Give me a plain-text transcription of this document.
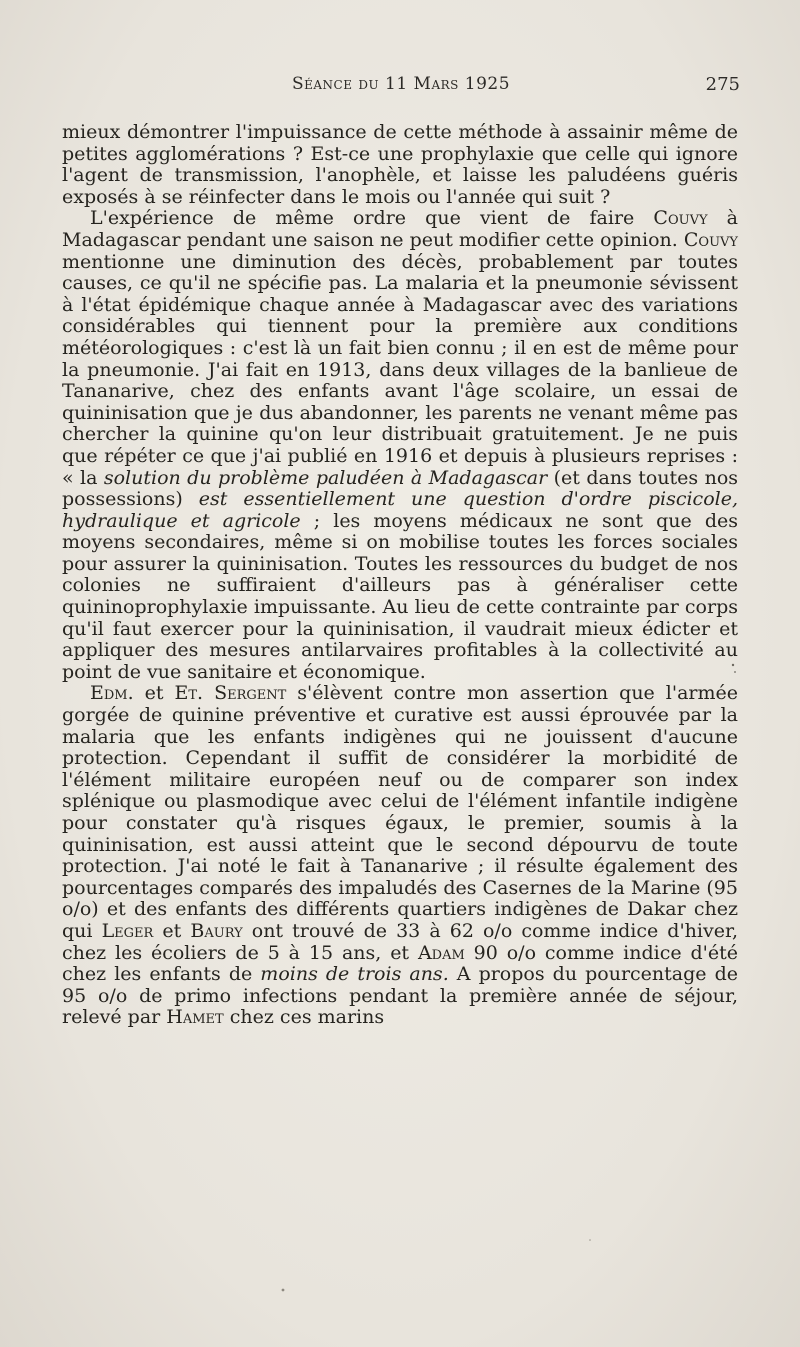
Séance du 11 Mars 1925	275

mieux démontrer l'impuissance de cette méthode à assainir même de petites agglomérations ? Est-ce une prophylaxie que celle qui ignore l'agent de transmission, l'anophèle, et laisse les paludéens guéris exposés à se réinfecter dans le mois ou l'année qui suit ?

L'expérience de même ordre que vient de faire Couvy à Madagascar pendant une saison ne peut modifier cette opinion. Couvy mentionne une diminution des décès, probablement par toutes causes, ce qu'il ne spécifie pas. La malaria et la pneumonie sévissent à l'état épidémique chaque année à Madagascar avec des variations considérables qui tiennent pour la première aux conditions météorologiques : c'est là un fait bien connu ; il en est de même pour la pneumonie. J'ai fait en 1913, dans deux villages de la banlieue de Tananarive, chez des enfants avant l'âge scolaire, un essai de quininisation que je dus abandonner, les parents ne venant même pas chercher la quinine qu'on leur distribuait gratuitement. Je ne puis que répéter ce que j'ai publié en 1916 et depuis à plusieurs reprises : « la solution du problème paludéen à Madagascar (et dans toutes nos possessions) est essentiellement une question d'ordre piscicole, hydraulique et agricole ; les moyens médicaux ne sont que des moyens secondaires, même si on mobilise toutes les forces sociales pour assurer la quininisation. Toutes les ressources du budget de nos colonies ne suffiraient d'ailleurs pas à généraliser cette quininoprophylaxie impuissante. Au lieu de cette contrainte par corps qu'il faut exercer pour la quininisation, il vaudrait mieux édicter et appliquer des mesures antilarvaires profitables à la collectivité au point de vue sanitaire et économique.

Edm. et Et. Sergent s'élèvent contre mon assertion que l'armée gorgée de quinine préventive et curative est aussi éprouvée par la malaria que les enfants indigènes qui ne jouissent d'aucune protection. Cependant il suffit de considérer la morbidité de l'élément militaire européen neuf ou de comparer son index splénique ou plasmodique avec celui de l'élément infantile indigène pour constater qu'à risques égaux, le premier, soumis à la quininisation, est aussi atteint que le second dépourvu de toute protection. J'ai noté le fait à Tananarive ; il résulte également des pourcentages comparés des impaludés des Casernes de la Marine (95 o/o) et des enfants des différents quartiers indigènes de Dakar chez qui Leger et Baury ont trouvé de 33 à 62 o/o comme indice d'hiver, chez les écoliers de 5 à 15 ans, et Adam 90 o/o comme indice d'été chez les enfants de moins de trois ans. A propos du pourcentage de 95 o/o de primo infections pendant la première année de séjour, relevé par Hamet chez ces marins
